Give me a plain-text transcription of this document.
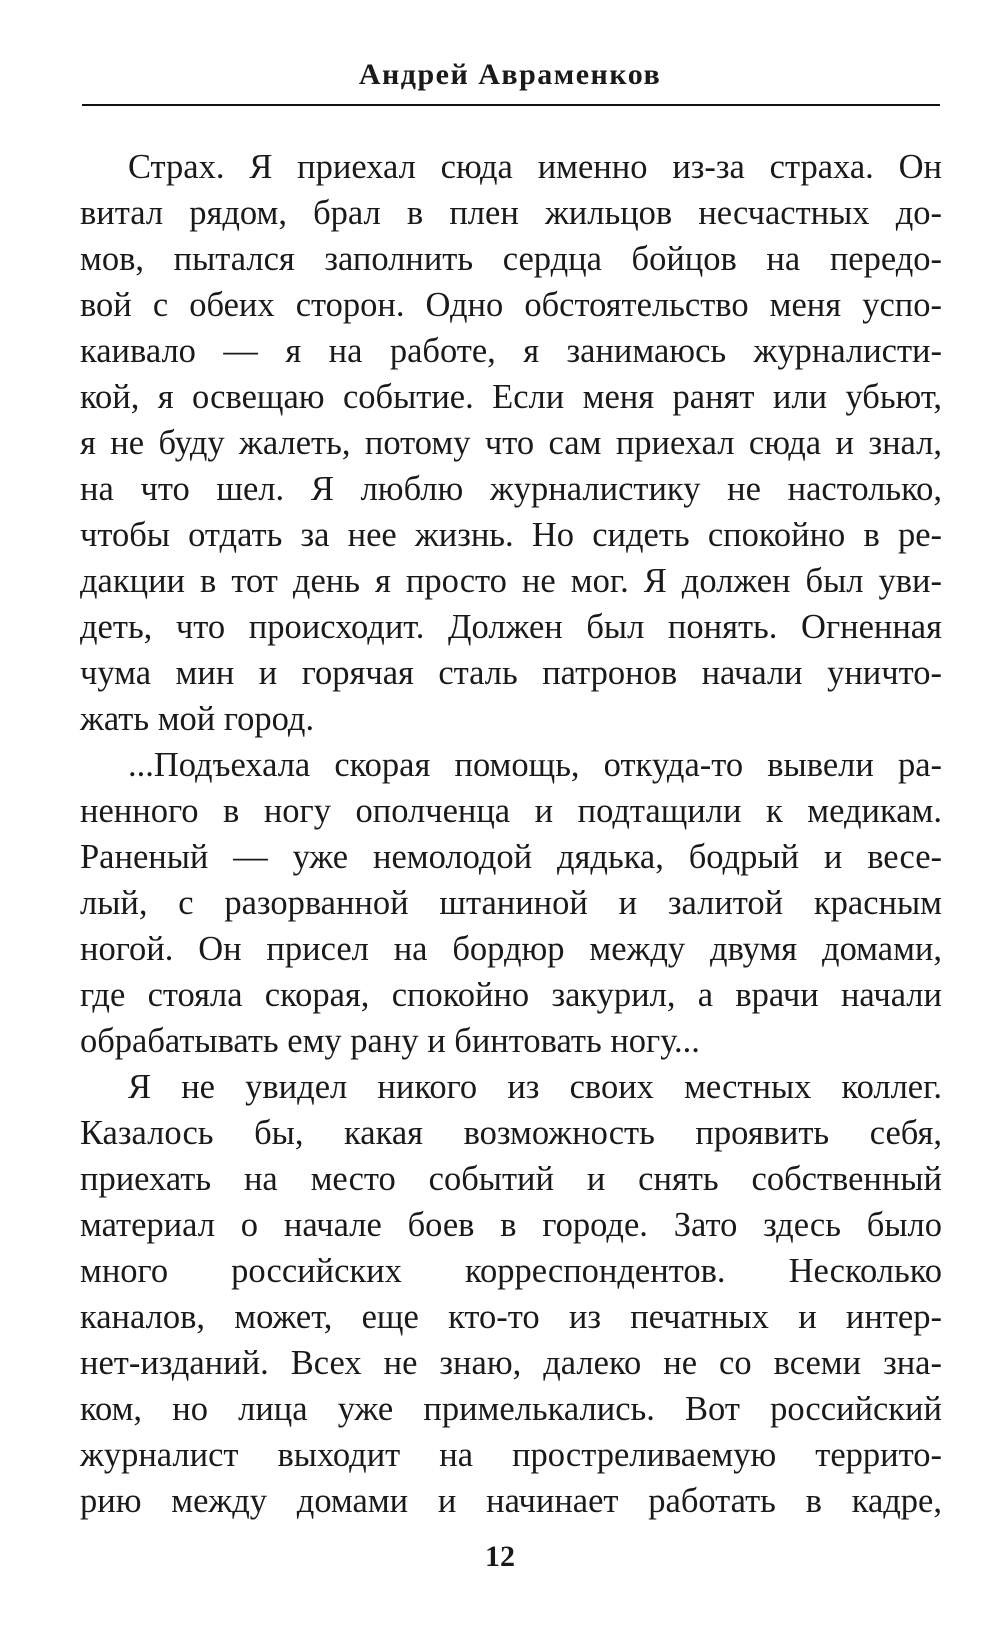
Андрей Авраменков
Страх. Я приехал сюда именно из-за страха. Он
витал рядом, брал в плен жильцов несчастных до-
мов, пытался заполнить сердца бойцов на передо-
вой с обеих сторон. Одно обстоятельство меня успо-
каивало — я на работе, я занимаюсь журналисти-
кой, я освещаю событие. Если меня ранят или убьют,
я не буду жалеть, потому что сам приехал сюда и знал,
на что шел. Я люблю журналистику не настолько,
чтобы отдать за нее жизнь. Но сидеть спокойно в ре-
дакции в тот день я просто не мог. Я должен был уви-
деть, что происходит. Должен был понять. Огненная
чума мин и горячая сталь патронов начали уничто-
жать мой город.
...Подъехала скорая помощь, откуда-то вывели ра-
ненного в ногу ополченца и подтащили к медикам.
Раненый — уже немолодой дядька, бодрый и весе-
лый, с разорванной штаниной и залитой красным
ногой. Он присел на бордюр между двумя домами,
где стояла скорая, спокойно закурил, а врачи начали
обрабатывать ему рану и бинтовать ногу...
Я не увидел никого из своих местных коллег.
Казалось бы, какая возможность проявить себя,
приехать на место событий и снять собственный
материал о начале боев в городе. Зато здесь было
много российских корреспондентов. Несколько
каналов, может, еще кто-то из печатных и интер-
нет-изданий. Всех не знаю, далеко не со всеми зна-
ком, но лица уже примелькались. Вот российский
журналист выходит на простреливаемую террито-
рию между домами и начинает работать в кадре,
12
